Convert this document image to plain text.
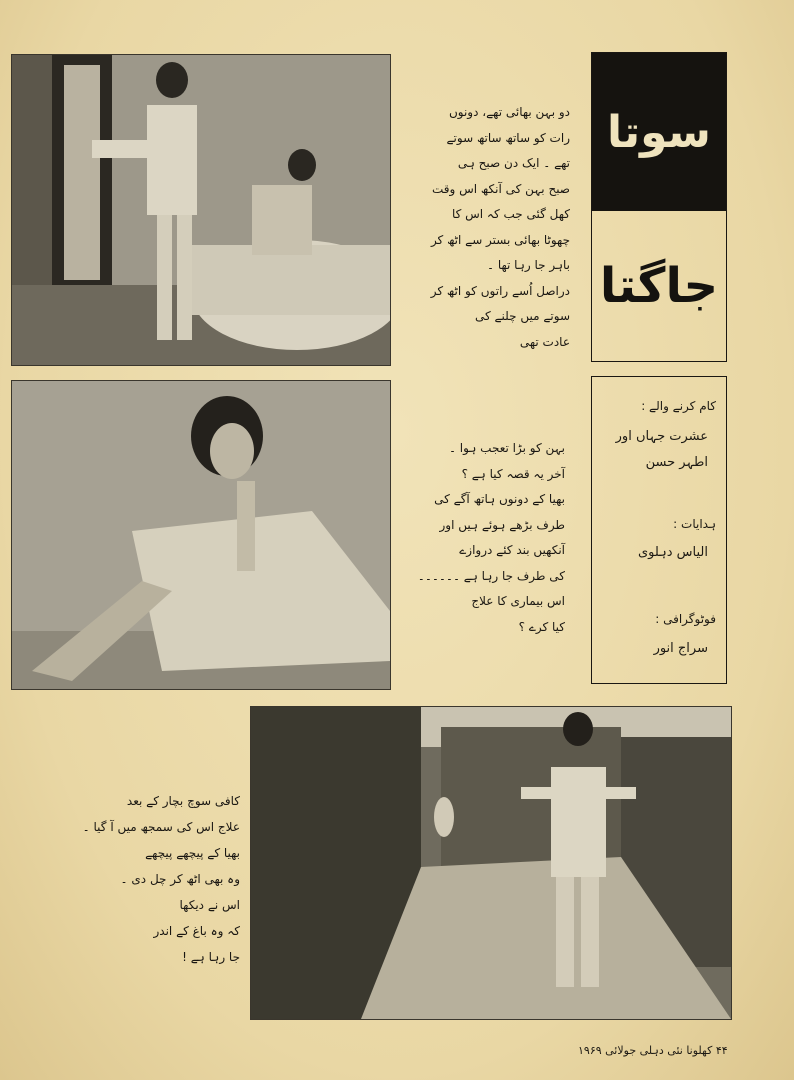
دو بہن بھائی تھے، دونوں
رات کو ساتھ ساتھ سوتے
تھے ۔ ایک دن صبح ہی
صبح بہن کی آنکھ اس وقت
کھل گئی جب کہ اس کا
چھوٹا بھائی بستر سے اٹھ کر
باہر جا رہا تھا ۔
دراصل اُسے راتوں کو اٹھ کر
سوتے میں چلنے کی
عادت تھی
سوتا
جاگتا
بہن کو بڑا تعجب ہوا ۔
آخر یہ قصہ کیا ہے ؟
بھیا کے دونوں ہاتھ آگے کی
طرف بڑھے ہوئے ہیں اور
آنکھیں بند کئے دروازے
کی طرف جا رہا ہے ۔۔۔۔۔۔
اس بیماری کا علاج
کیا کرے ؟
کام کرنے والے :
عشرت جہاں اور
اطہر حسن
ہدایات :
الیاس دہلوی
فوٹوگرافی :
سراج انور
کافی سوچ بچار کے بعد
علاج اس کی سمجھ میں آ گیا ۔
بھیا کے پیچھے پیچھے
وہ بھی اٹھ کر چل دی ۔
اس نے دیکھا
کہ وہ باغ کے اندر
جا رہا ہے !
۴۴ کھلونا نئی دہلی جولائی ۱۹۶۹
